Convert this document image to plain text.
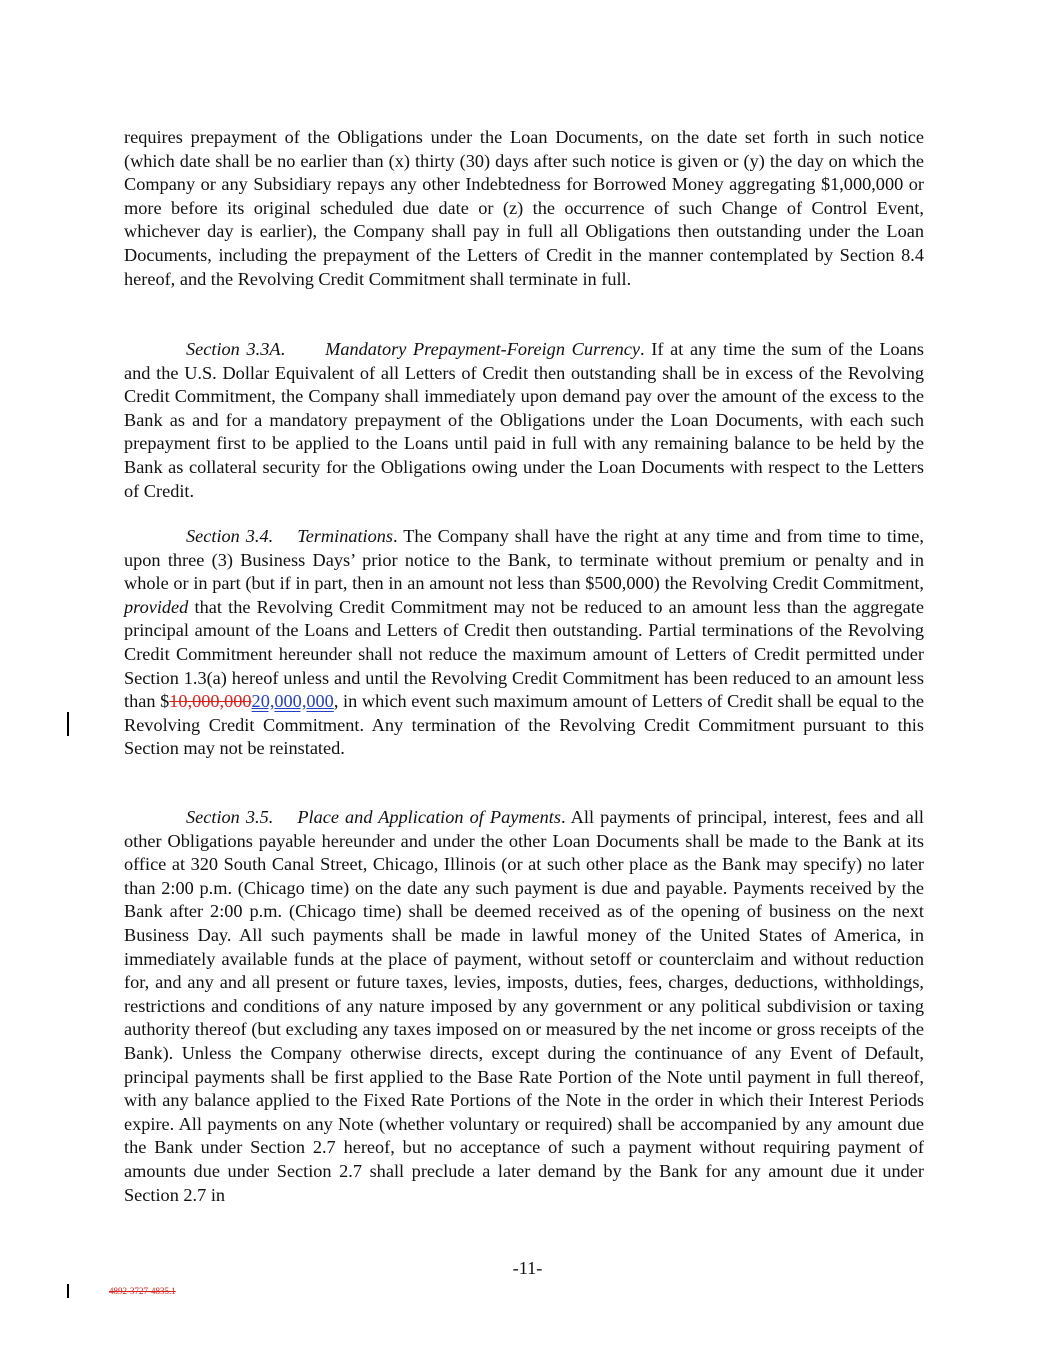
requires prepayment of the Obligations under the Loan Documents, on the date set forth in such notice (which date shall be no earlier than (x) thirty (30) days after such notice is given or (y) the day on which the Company or any Subsidiary repays any other Indebtedness for Borrowed Money aggregating $1,000,000 or more before its original scheduled due date or (z) the occurrence of such Change of Control Event, whichever day is earlier), the Company shall pay in full all Obligations then outstanding under the Loan Documents, including the prepayment of the Letters of Credit in the manner contemplated by Section 8.4 hereof, and the Revolving Credit Commitment shall terminate in full.

Section 3.3A. Mandatory Prepayment-Foreign Currency. If at any time the sum of the Loans and the U.S. Dollar Equivalent of all Letters of Credit then outstanding shall be in excess of the Revolving Credit Commitment, the Company shall immediately upon demand pay over the amount of the excess to the Bank as and for a mandatory prepayment of the Obligations under the Loan Documents, with each such prepayment first to be applied to the Loans until paid in full with any remaining balance to be held by the Bank as collateral security for the Obligations owing under the Loan Documents with respect to the Letters of Credit.

Section 3.4. Terminations. The Company shall have the right at any time and from time to time, upon three (3) Business Days’ prior notice to the Bank, to terminate without premium or penalty and in whole or in part (but if in part, then in an amount not less than $500,000) the Revolving Credit Commitment, provided that the Revolving Credit Commitment may not be reduced to an amount less than the aggregate principal amount of the Loans and Letters of Credit then outstanding. Partial terminations of the Revolving Credit Commitment hereunder shall not reduce the maximum amount of Letters of Credit permitted under Section 1.3(a) hereof unless and until the Revolving Credit Commitment has been reduced to an amount less than $10,000,00020,000,000, in which event such maximum amount of Letters of Credit shall be equal to the Revolving Credit Commitment. Any termination of the Revolving Credit Commitment pursuant to this Section may not be reinstated.

Section 3.5. Place and Application of Payments. All payments of principal, interest, fees and all other Obligations payable hereunder and under the other Loan Documents shall be made to the Bank at its office at 320 South Canal Street, Chicago, Illinois (or at such other place as the Bank may specify) no later than 2:00 p.m. (Chicago time) on the date any such payment is due and payable. Payments received by the Bank after 2:00 p.m. (Chicago time) shall be deemed received as of the opening of business on the next Business Day. All such payments shall be made in lawful money of the United States of America, in immediately available funds at the place of payment, without setoff or counterclaim and without reduction for, and any and all present or future taxes, levies, imposts, duties, fees, charges, deductions, withholdings, restrictions and conditions of any nature imposed by any government or any political subdivision or taxing authority thereof (but excluding any taxes imposed on or measured by the net income or gross receipts of the Bank). Unless the Company otherwise directs, except during the continuance of any Event of Default, principal payments shall be first applied to the Base Rate Portion of the Note until payment in full thereof, with any balance applied to the Fixed Rate Portions of the Note in the order in which their Interest Periods expire. All payments on any Note (whether voluntary or required) shall be accompanied by any amount due the Bank under Section 2.7 hereof, but no acceptance of such a payment without requiring payment of amounts due under Section 2.7 shall preclude a later demand by the Bank for any amount due it under Section 2.7 in

-11-
4892-3727-4835.1
